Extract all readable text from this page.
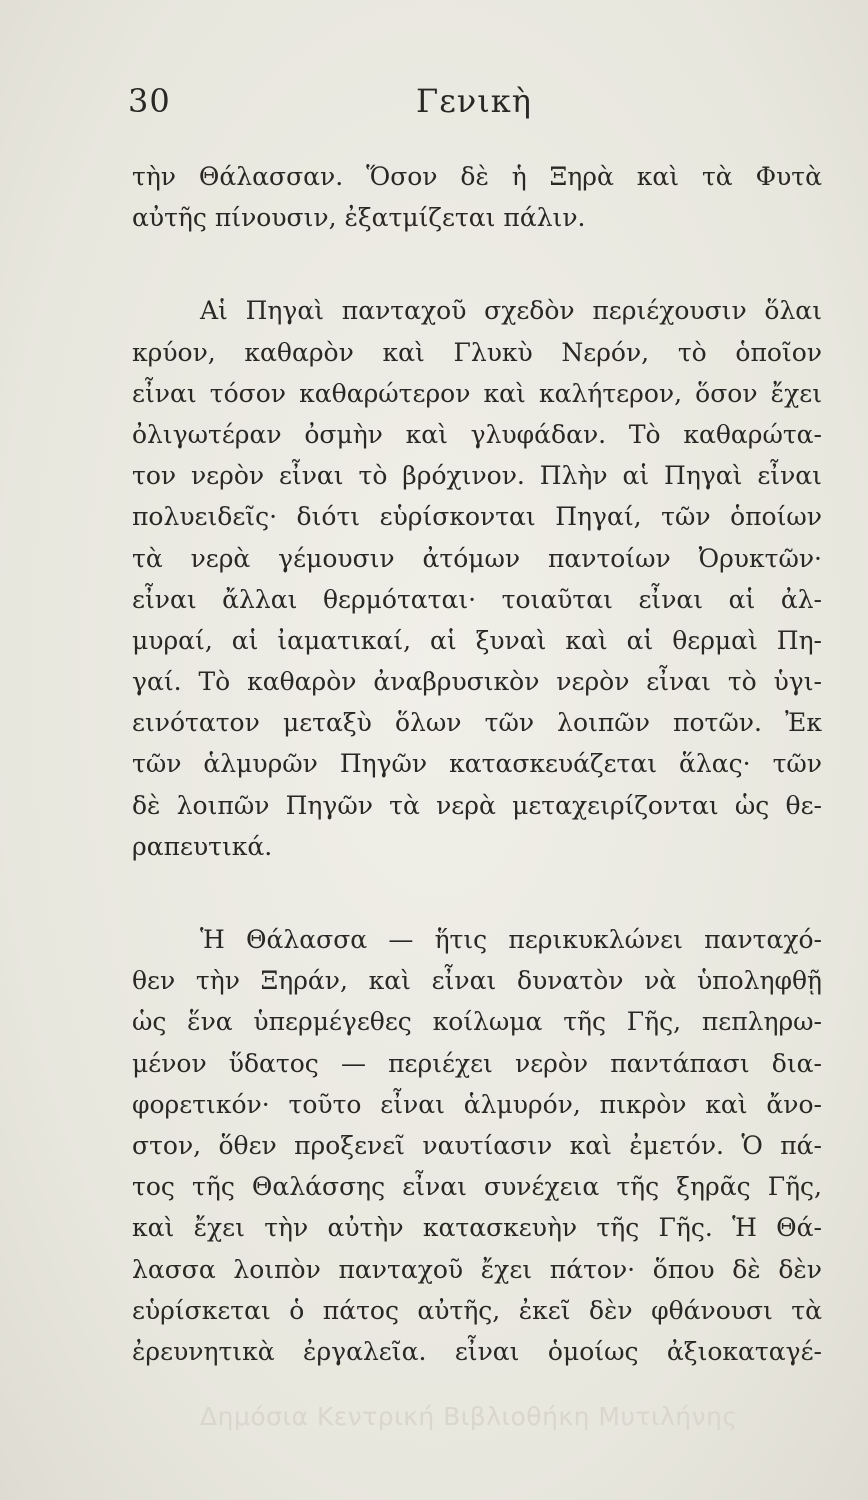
30	Γενικὴ
τὴν Θάλασσαν. Ὅσον δὲ ἡ Ξηρὰ καὶ τὰ Φυτὰ
αὐτῆς πίνουσιν, ἐξατμίζεται πάλιν.
Αἱ Πηγαὶ πανταχοῦ σχεδὸν περιέχουσιν ὅλαι
κρύον, καθαρὸν καὶ Γλυκὺ Νερόν, τὸ ὁποῖον
εἶναι τόσον καθαρώτερον καὶ καλήτερον, ὅσον ἔχει
ὀλιγωτέραν ὀσμὴν καὶ γλυφάδαν. Τὸ καθαρώτα-
τον νερὸν εἶναι τὸ βρόχινον. Πλὴν αἱ Πηγαὶ εἶναι
πολυειδεῖς· διότι εὑρίσκονται Πηγαί, τῶν ὁποίων
τὰ νερὰ γέμουσιν ἀτόμων παντοίων Ὀρυκτῶν·
εἶναι ἄλλαι θερμόταται· τοιαῦται εἶναι αἱ ἀλ-
μυραί, αἱ ἰαματικαί, αἱ ξυναὶ καὶ αἱ θερμαὶ Πη-
γαί. Τὸ καθαρὸν ἀναβρυσικὸν νερὸν εἶναι τὸ ὑγι-
εινότατον μεταξὺ ὅλων τῶν λοιπῶν ποτῶν. Ἐκ
τῶν ἁλμυρῶν Πηγῶν κατασκευάζεται ἅλας· τῶν
δὲ λοιπῶν Πηγῶν τὰ νερὰ μεταχειρίζονται ὡς θε-
ραπευτικά.
Ἡ Θάλασσα — ἥτις περικυκλώνει πανταχό-
θεν τὴν Ξηράν, καὶ εἶναι δυνατὸν νὰ ὑποληφθῇ
ὡς ἕνα ὑπερμέγεθες κοίλωμα τῆς Γῆς, πεπληρω-
μένον ὕδατος — περιέχει νερὸν παντάπασι δια-
φορετικόν· τοῦτο εἶναι ἁλμυρόν, πικρὸν καὶ ἄνο-
στον, ὅθεν προξενεῖ ναυτίασιν καὶ ἐμετόν. Ὁ πά-
τος τῆς Θαλάσσης εἶναι συνέχεια τῆς ξηρᾶς Γῆς,
καὶ ἔχει τὴν αὐτὴν κατασκευὴν τῆς Γῆς. Ἡ Θά-
λασσα λοιπὸν πανταχοῦ ἔχει πάτον· ὅπου δὲ δὲν
εὑρίσκεται ὁ πάτος αὐτῆς, ἐκεῖ δὲν φθάνουσι τὰ
ἐρευνητικὰ ἐργαλεῖα. εἶναι ὁμοίως ἀξιοκαταγέ-
Δημόσια Κεντρική Βιβλιοθήκη Μυτιλήνης
